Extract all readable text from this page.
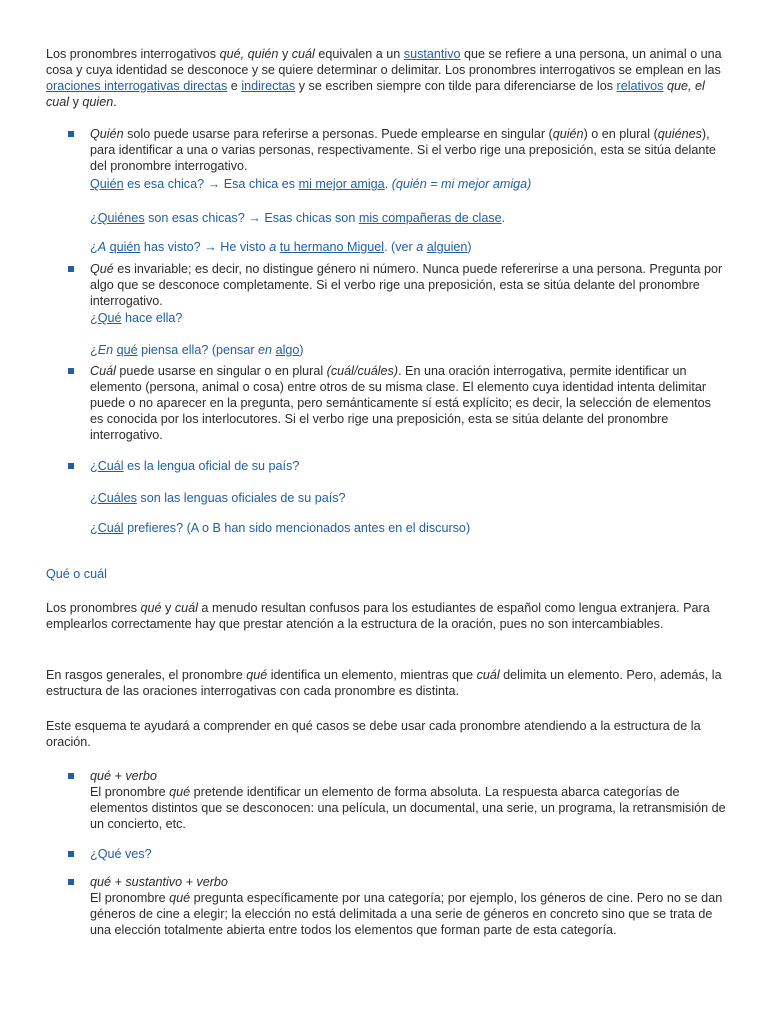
Los pronombres interrogativos qué, quién y cuál equivalen a un sustantivo que se refiere a una persona, un animal o una cosa y cuya identidad se desconoce y se quiere determinar o delimitar. Los pronombres interrogativos se emplean en las oraciones interrogativas directas e indirectas y se escriben siempre con tilde para diferenciarse de los relativos que, el cual y quien.

Quién solo puede usarse para referirse a personas. Puede emplearse en singular (quién) o en plural (quiénes), para identificar a una o varias personas, respectivamente. Si el verbo rige una preposición, esta se sitúa delante del pronombre interrogativo.

Quién es esa chica? → Esa chica es mi mejor amiga. (quién = mi mejor amiga)

¿Quiénes son esas chicas? → Esas chicas son mis compañeras de clase.

¿A quién has visto? → He visto a tu hermano Miguel. (ver a alguien)

Qué es invariable; es decir, no distingue género ni número. Nunca puede refererirse a una persona. Pregunta por algo que se desconoce completamente. Si el verbo rige una preposición, esta se sitúa delante del pronombre interrogativo.

¿Qué hace ella?

¿En qué piensa ella? (pensar en algo)

Cuál puede usarse en singular o en plural (cuál/cuáles). En una oración interrogativa, permite identificar un elemento (persona, animal o cosa) entre otros de su misma clase. El elemento cuya identidad intenta delimitar puede o no aparecer en la pregunta, pero semánticamente sí está explícito; es decir, la selección de elementos es conocida por los interlocutores. Si el verbo rige una preposición, esta se sitúa delante del pronombre interrogativo.

¿Cuál es la lengua oficial de su país?

¿Cuáles son las lenguas oficiales de su país?

¿Cuál prefieres? (A o B han sido mencionados antes en el discurso)

Qué o cuál

Los pronombres qué y cuál a menudo resultan confusos para los estudiantes de español como lengua extranjera. Para emplearlos correctamente hay que prestar atención a la estructura de la oración, pues no son intercambiables.

En rasgos generales, el pronombre qué identifica un elemento, mientras que cuál delimita un elemento. Pero, además, la estructura de las oraciones interrogativas con cada pronombre es distinta.

Este esquema te ayudará a comprender en qué casos se debe usar cada pronombre atendiendo a la estructura de la oración.

qué + verbo
El pronombre qué pretende identificar un elemento de forma absoluta. La respuesta abarca categorías de elementos distintos que se desconocen: una película, un documental, una serie, un programa, la retransmisión de un concierto, etc.

¿Qué ves?

qué + sustantivo + verbo
El pronombre qué pregunta específicamente por una categoría; por ejemplo, los géneros de cine. Pero no se dan géneros de cine a elegir; la elección no está delimitada a una serie de géneros en concreto sino que se trata de una elección totalmente abierta entre todos los elementos que forman parte de esta categoría.
